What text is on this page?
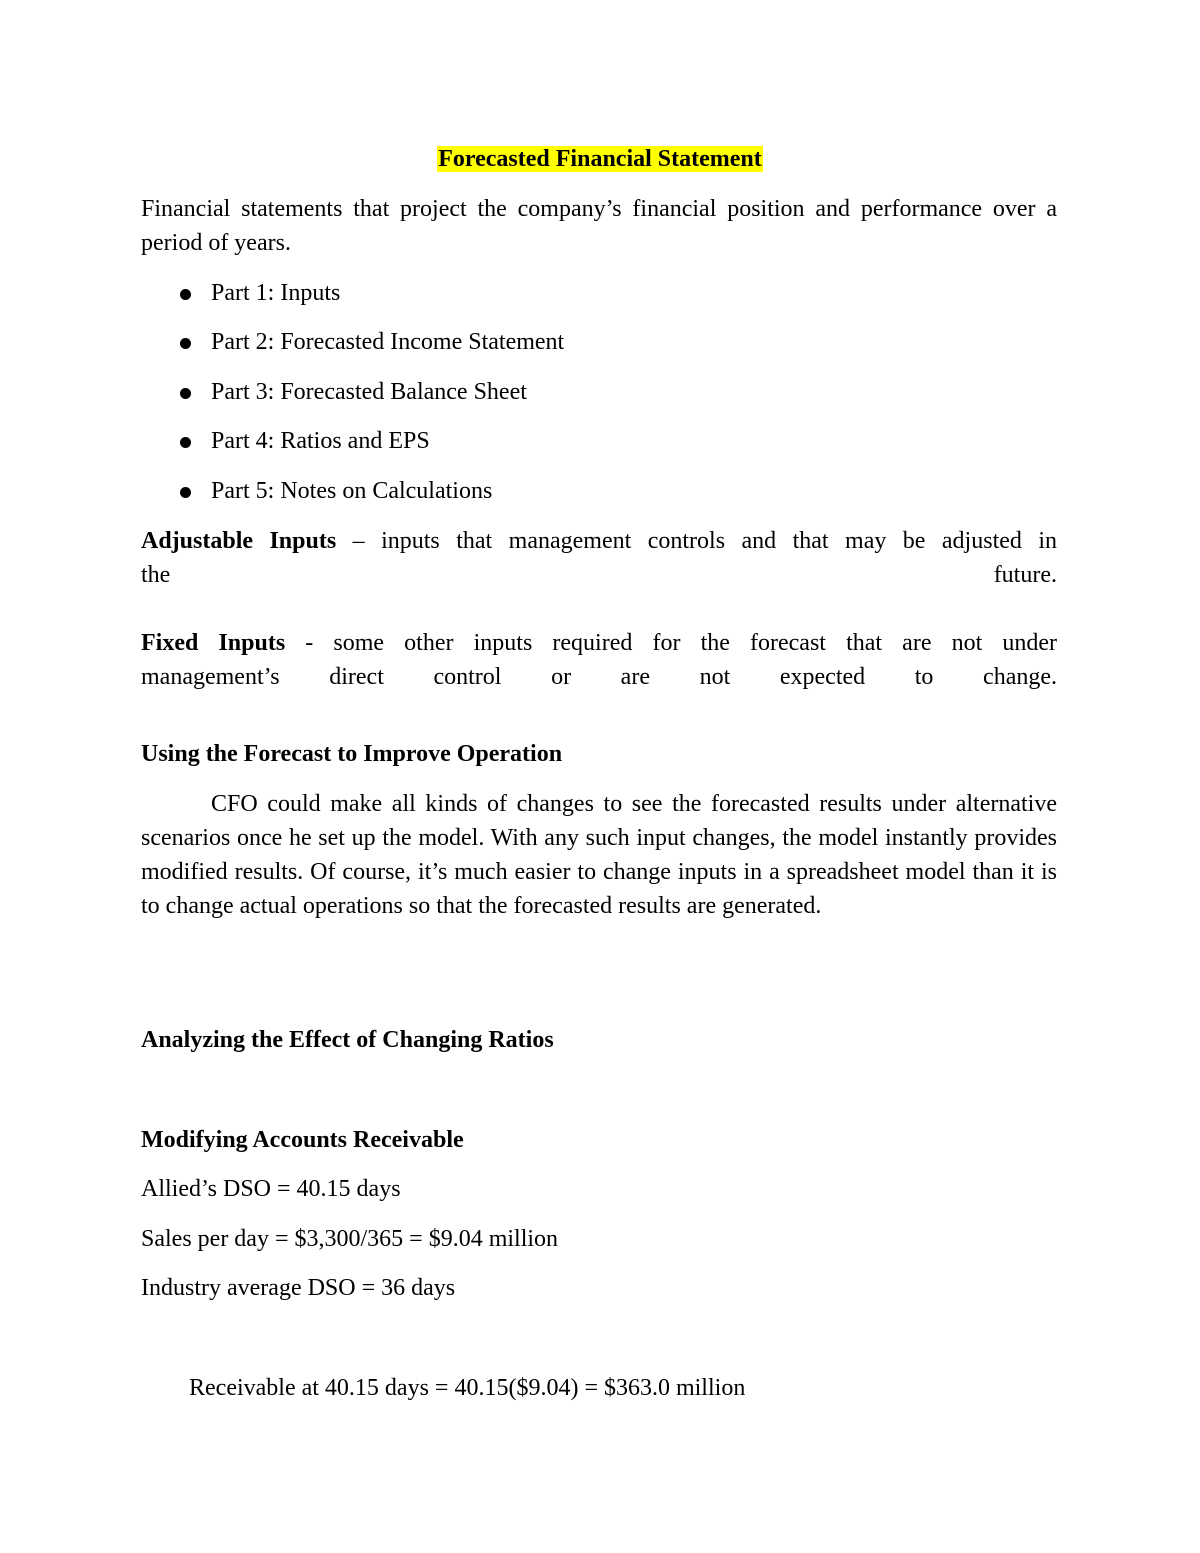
Forecasted Financial Statement

Financial statements that project the company’s financial position and performance over a period of years.

Part 1: Inputs
Part 2: Forecasted Income Statement
Part 3: Forecasted Balance Sheet
Part 4: Ratios and EPS
Part 5: Notes on Calculations

Adjustable Inputs – inputs that management controls and that may be adjusted in

the	future.

Fixed Inputs - some other inputs required for the forecast that are not under

management’s direct control or are not expected to change.

Using the Forecast to Improve Operation

CFO could make all kinds of changes to see the forecasted results under alternative scenarios once he set up the model. With any such input changes, the model instantly provides modified results. Of course, it’s much easier to change inputs in a spreadsheet model than it is to change actual operations so that the forecasted results are generated.

Analyzing the Effect of Changing Ratios

Modifying Accounts Receivable

Allied’s DSO = 40.15 days

Sales per day = $3,300/365 = $9.04 million

Industry average DSO = 36 days

Receivable at 40.15 days = 40.15($9.04) = $363.0 million
